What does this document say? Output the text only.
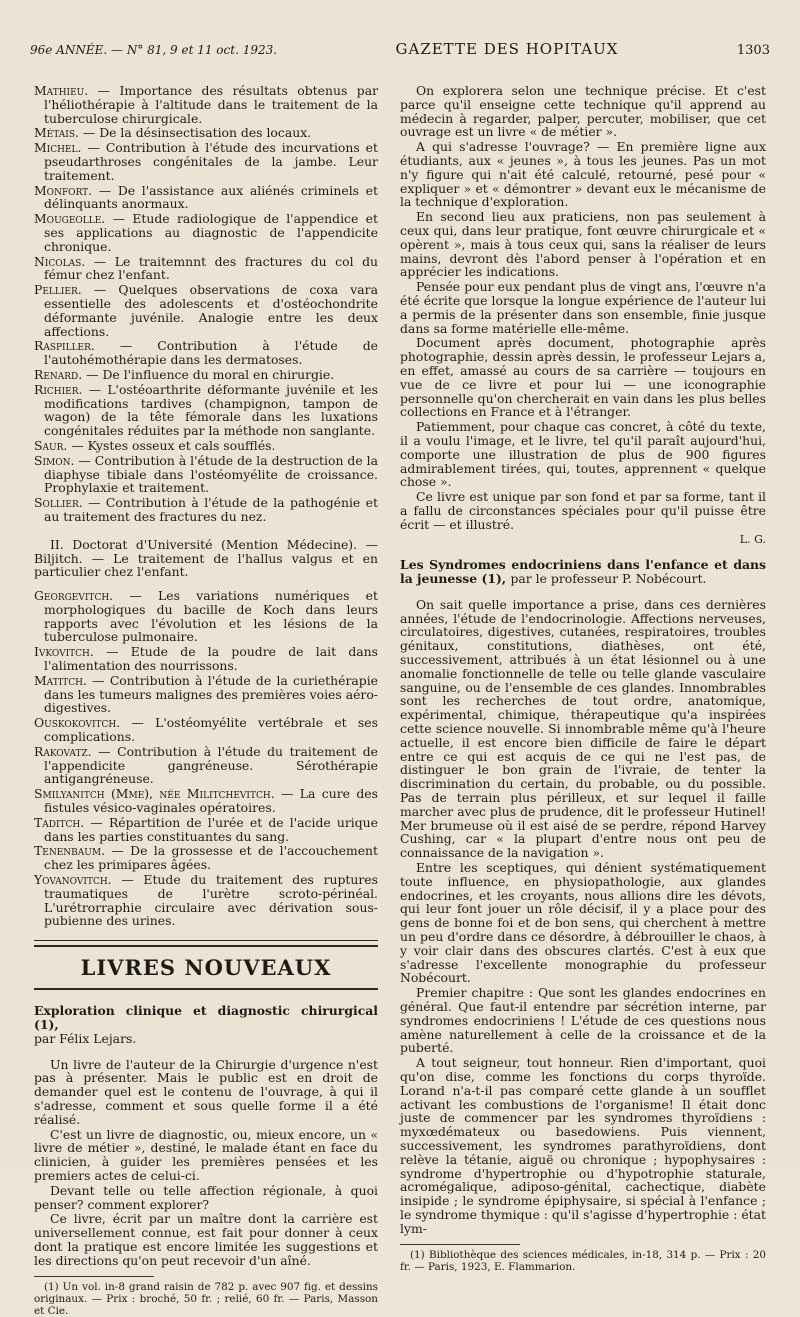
96e ANNÉE. — N° 81, 9 et 11 oct. 1923.	GAZETTE DES HOPITAUX	1303

Mathieu. — Importance des résultats obtenus par l'héliothérapie à l'altitude dans le traitement de la tuberculose chirurgicale.

Métais. — De la désinsectisation des locaux.

Michel. — Contribution à l'étude des incurvations et pseudarthroses congénitales de la jambe. Leur traitement.

Monfort. — De l'assistance aux aliénés criminels et délinquants anormaux.

Mougeolle. — Etude radiologique de l'appendice et ses applications au diagnostic de l'appendicite chronique.

Nicolas. — Le traitemnnt des fractures du col du fémur chez l'enfant.

Pellier. — Quelques observations de coxa vara essentielle des adolescents et d'ostéochondrite déformante juvénile. Analogie entre les deux affections.

Raspiller. — Contribution à l'étude de l'autohémothérapie dans les dermatoses.

Renard. — De l'influence du moral en chirurgie.

Richier. — L'ostéoarthrite déformante juvénile et les modifications tardives (champignon, tampon de wagon) de la tête fémorale dans les luxations congénitales réduites par la méthode non sanglante.

Saur. — Kystes osseux et cals soufflés.

Simon. — Contribution à l'étude de la destruction de la diaphyse tibiale dans l'ostéomyélite de croissance. Prophylaxie et traitement.

Sollier. — Contribution à l'étude de la pathogénie et au traitement des fractures du nez.

II. Doctorat d'Université (Mention Médecine). — Biljitch. — Le traitement de l'hallus valgus et en particulier chez l'enfant.

Georgevitch. — Les variations numériques et morphologiques du bacille de Koch dans leurs rapports avec l'évolution et les lésions de la tuberculose pulmonaire.

Ivkovitch. — Etude de la poudre de lait dans l'alimentation des nourrissons.

Matitch. — Contribution à l'étude de la curiethérapie dans les tumeurs malignes des premières voies aéro-digestives.

Ouskokovitch. — L'ostéomyélite vertébrale et ses complications.

Rakovatz. — Contribution à l'étude du traitement de l'appendicite gangréneuse. Sérothérapie antigangréneuse.

Smilyanitch (Mme), née Militchevitch. — La cure des fistules vésico-vaginales opératoires.

Taditch. — Répartition de l'urée et de l'acide urique dans les parties constituantes du sang.

Tenenbaum. — De la grossesse et de l'accouchement chez les primipares âgées.

Yovanovitch. — Etude du traitement des ruptures traumatiques de l'urètre scroto-périnéal. L'urétrorraphie circulaire avec dérivation sous-pubienne des urines.

LIVRES NOUVEAUX

Exploration clinique et diagnostic chirurgical (1),
par Félix Lejars.

Un livre de l'auteur de la Chirurgie d'urgence n'est pas à présenter. Mais le public est en droit de demander quel est le contenu de l'ouvrage, à qui il s'adresse, comment et sous quelle forme il a été réalisé.

C'est un livre de diagnostic, ou, mieux encore, un « livre de métier », destiné, le malade étant en face du clinicien, à guider les premières pensées et les premiers actes de celui-ci.

Devant telle ou telle affection régionale, à quoi penser? comment explorer?

Ce livre, écrit par un maître dont la carrière est universellement connue, est fait pour donner à ceux dont la pratique est encore limitée les suggestions et les directions qu'on peut recevoir d'un aîné.

(1) Un vol. in-8 grand raisin de 782 p. avec 907 fig. et dessins originaux. — Prix : broché, 50 fr. ; relié, 60 fr. — Paris, Masson et Cie.

On explorera selon une technique précise. Et c'est parce qu'il enseigne cette technique qu'il apprend au médecin à regarder, palper, percuter, mobiliser, que cet ouvrage est un livre « de métier ».

A qui s'adresse l'ouvrage? — En première ligne aux étudiants, aux « jeunes », à tous les jeunes. Pas un mot n'y figure qui n'ait été calculé, retourné, pesé pour « expliquer » et « démontrer » devant eux le mécanisme de la technique d'exploration.

En second lieu aux praticiens, non pas seulement à ceux qui, dans leur pratique, font œuvre chirurgicale et « opèrent », mais à tous ceux qui, sans la réaliser de leurs mains, devront dès l'abord penser à l'opération et en apprécier les indications.

Pensée pour eux pendant plus de vingt ans, l'œuvre n'a été écrite que lorsque la longue expérience de l'auteur lui a permis de la présenter dans son ensemble, finie jusque dans sa forme matérielle elle-même.

Document après document, photographie après photographie, dessin après dessin, le professeur Lejars a, en effet, amassé au cours de sa carrière — toujours en vue de ce livre et pour lui — une iconographie personnelle qu'on chercherait en vain dans les plus belles collections en France et à l'étranger.

Patiemment, pour chaque cas concret, à côté du texte, il a voulu l'image, et le livre, tel qu'il paraît aujourd'hui, comporte une illustration de plus de 900 figures admirablement tirées, qui, toutes, apprennent « quelque chose ».

Ce livre est unique par son fond et par sa forme, tant il a fallu de circonstances spéciales pour qu'il puisse être écrit — et illustré.

L. G.

Les Syndromes endocriniens dans l'enfance et dans la jeunesse (1), par le professeur P. Nobécourt.

On sait quelle importance a prise, dans ces dernières années, l'étude de l'endocrinologie. Affections nerveuses, circulatoires, digestives, cutanées, respiratoires, troubles génitaux, constitutions, diathèses, ont été, successivement, attribués à un état lésionnel ou à une anomalie fonctionnelle de telle ou telle glande vasculaire sanguine, ou de l'ensemble de ces glandes. Innombrables sont les recherches de tout ordre, anatomique, expérimental, chimique, thérapeutique qu'a inspirées cette science nouvelle. Si innombrable même qu'à l'heure actuelle, il est encore bien difficile de faire le départ entre ce qui est acquis de ce qui ne l'est pas, de distinguer le bon grain de l'ivraie, de tenter la discrimination du certain, du probable, ou du possible. Pas de terrain plus périlleux, et sur lequel il faille marcher avec plus de prudence, dit le professeur Hutinel! Mer brumeuse où il est aisé de se perdre, répond Harvey Cushing, car « la plupart d'entre nous ont peu de connaissance de la navigation ».

Entre les sceptiques, qui dénient systématiquement toute influence, en physiopathologie, aux glandes endocrines, et les croyants, nous allions dire les dévots, qui leur font jouer un rôle décisif, il y a place pour des gens de bonne foi et de bon sens, qui cherchent à mettre un peu d'ordre dans ce désordre, à débrouiller le chaos, à y voir clair dans des obscures clartés. C'est à eux que s'adresse l'excellente monographie du professeur Nobécourt.

Premier chapitre : Que sont les glandes endocrines en général. Que faut-il entendre par sécrétion interne, par syndromes endocriniens ! L'étude de ces questions nous amène naturellement à celle de la croissance et de la puberté.

A tout seigneur, tout honneur. Rien d'important, quoi qu'on dise, comme les fonctions du corps thyroïde. Lorand n'a-t-il pas comparé cette glande à un soufflet activant les combustions de l'organisme! Il était donc juste de commencer par les syndromes thyroïdiens : myxœdémateux ou basedowiens. Puis viennent, successivement, les syndromes parathyroïdiens, dont relève la tétanie, aiguë ou chronique ; hypophysaires : syndrome d'hypertrophie ou d'hypotrophie staturale, acromégalique, adiposo-génital, cachectique, diabète insipide ; le syndrome épiphysaire, si spécial à l'enfance ; le syndrome thymique : qu'il s'agisse d'hypertrophie : état lym-

(1) Bibliothèque des sciences médicales, in-18, 314 p. — Prix : 20 fr. — Paris, 1923, E. Flammarion.
